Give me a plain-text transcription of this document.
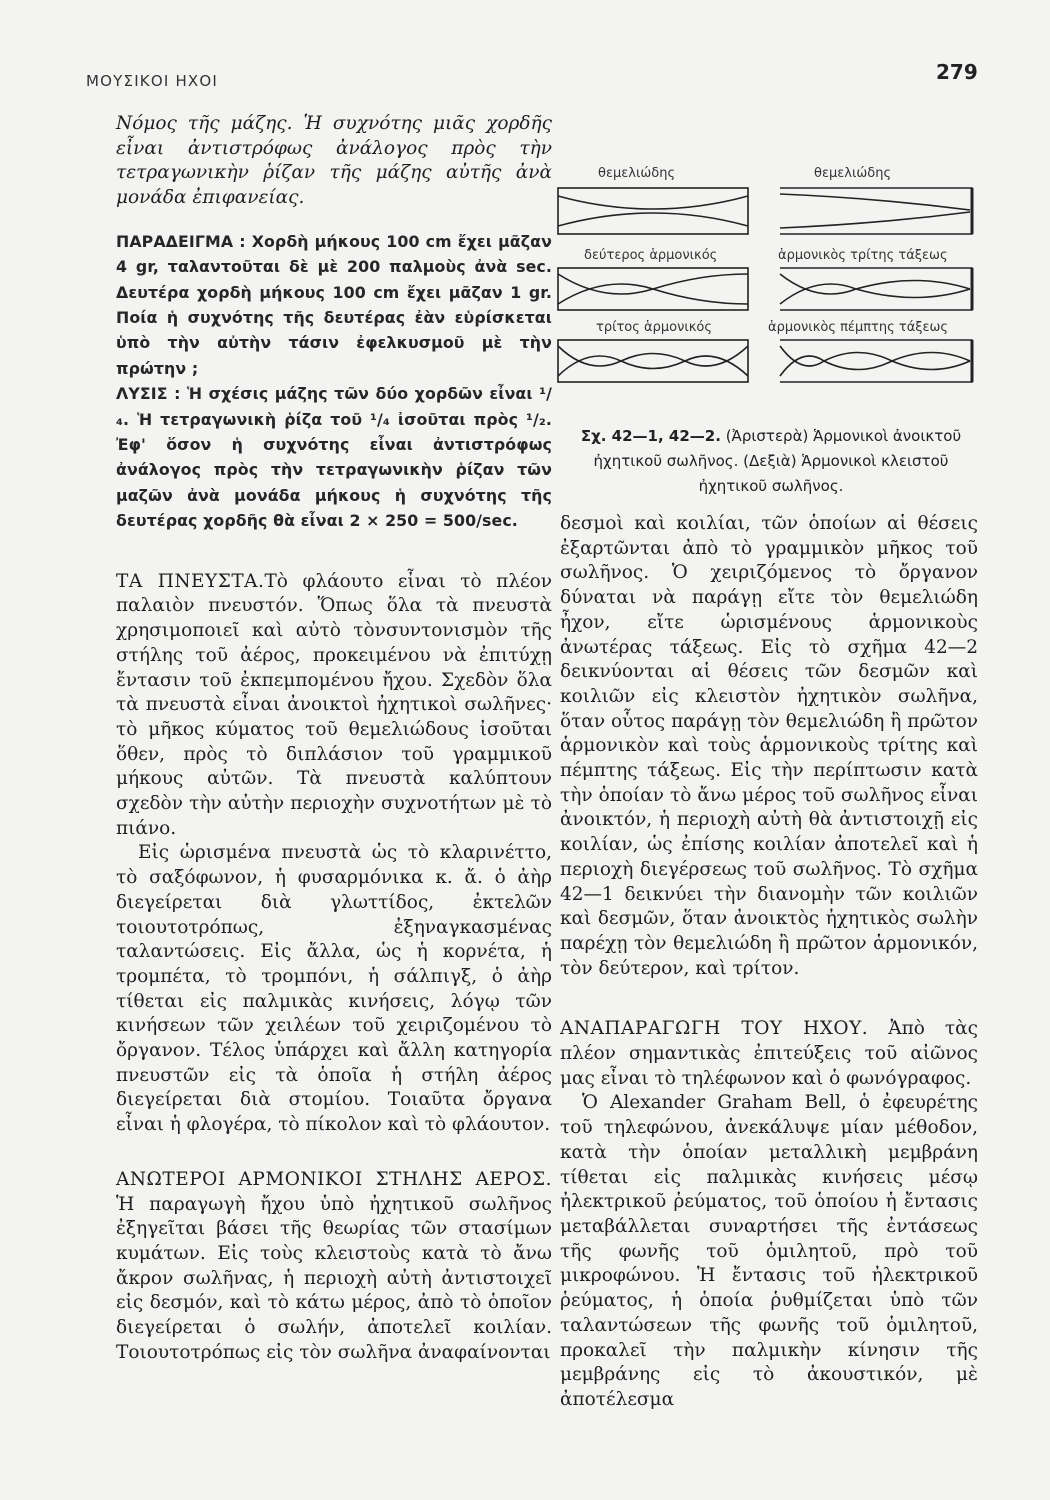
ΜΟΥΣΙΚΟΙ ΗΧΟΙ	279

Νόμος τῆς μάζης. Ἡ συχνότης μιᾶς χορδῆς εἶναι ἀντιστρόφως ἀνάλογος πρὸς τὴν τετραγωνικὴν ῥίζαν τῆς μάζης αὐτῆς ἀνὰ μονάδα ἐπιφανείας.

ΠΑΡΑΔΕΙΓΜΑ : Χορδὴ μήκους 100 cm ἔχει μᾶζαν 4 gr, ταλαντοῦται δὲ μὲ 200 παλμοὺς ἀνὰ sec. Δευτέρα χορδὴ μήκους 100 cm ἔχει μᾶζαν 1 gr. Ποία ἡ συχνότης τῆς δευτέρας ἐὰν εὑρίσκεται ὑπὸ τὴν αὐτὴν τάσιν ἐφελκυσμοῦ μὲ τὴν πρώτην ;

ΛΥΣΙΣ : Ἡ σχέσις μάζης τῶν δύο χορδῶν εἶναι ¹/₄. Ἡ τετραγωνικὴ ῥίζα τοῦ ¹/₄ ἰσοῦται πρὸς ¹/₂. Ἐφ' ὅσον ἡ συχνότης εἶναι ἀντιστρόφως ἀνάλογος πρὸς τὴν τετραγωνικὴν ῥίζαν τῶν μαζῶν ἀνὰ μονάδα μήκους ἡ συχνότης τῆς δευτέρας χορδῆς θὰ εἶναι 2 × 250 = 500/sec.

ΤΑ ΠΝΕΥΣΤΑ.Τὸ φλάουτο εἶναι τὸ πλέον παλαιὸν πνευστόν. Ὅπως ὅλα τὰ πνευστὰ χρησιμοποιεῖ καὶ αὐτὸ τὸνσυντονισμὸν τῆς στήλης τοῦ ἀέρος, προκειμένου νὰ ἐπιτύχῃ ἔντασιν τοῦ ἐκπεμπομένου ἤχου. Σχεδὸν ὅλα τὰ πνευστὰ εἶναι ἀνοικτοὶ ἠχητικοὶ σωλῆνες· τὸ μῆκος κύματος τοῦ θεμελιώδους ἰσοῦται ὅθεν, πρὸς τὸ διπλάσιον τοῦ γραμμικοῦ μήκους αὐτῶν. Τὰ πνευστὰ καλύπτουν σχεδὸν τὴν αὐτὴν περιοχὴν συχνοτήτων μὲ τὸ πιάνο.

Εἰς ὡρισμένα πνευστὰ ὡς τὸ κλαρινέττο, τὸ σαξόφωνον, ἡ φυσαρμόνικα κ. ἄ. ὁ ἀὴρ διεγείρεται διὰ γλωττίδος, ἐκτελῶν τοιουτοτρόπως, ἐξηναγκασμένας ταλαντώσεις. Εἰς ἄλλα, ὡς ἡ κορνέτα, ἡ τρομπέτα, τὸ τρομπόνι, ἡ σάλπιγξ, ὁ ἀὴρ τίθεται εἰς παλμικὰς κινήσεις, λόγῳ τῶν κινήσεων τῶν χειλέων τοῦ χειριζομένου τὸ ὄργανον. Τέλος ὑπάρχει καὶ ἄλλη κατηγορία πνευστῶν εἰς τὰ ὁποῖα ἡ στήλη ἀέρος διεγείρεται διὰ στομίου. Τοιαῦτα ὄργανα εἶναι ἡ φλογέρα, τὸ πίκολον καὶ τὸ φλάουτον.

ΑΝΩΤΕΡΟΙ ΑΡΜΟΝΙΚΟΙ ΣΤΗΛΗΣ ΑΕΡΟΣ. Ἡ παραγωγὴ ἤχου ὑπὸ ἠχητικοῦ σωλῆνος ἐξηγεῖται βάσει τῆς θεωρίας τῶν στασίμων κυμάτων. Εἰς τοὺς κλειστοὺς κατὰ τὸ ἄνω ἄκρον σωλῆνας, ἡ περιοχὴ αὐτὴ ἀντιστοιχεῖ εἰς δεσμόν, καὶ τὸ κάτω μέρος, ἀπὸ τὸ ὁποῖον διεγείρεται ὁ σωλήν, ἀποτελεῖ κοιλίαν. Τοιουτοτρόπως εἰς τὸν σωλῆνα ἀναφαίνονται

θεμελιώδης	θεμελιώδης
δεύτερος ἁρμονικός	ἁρμονικὸς τρίτης τάξεως
τρίτος ἁρμονικός	ἁρμονικὸς πέμπτης τάξεως
Σχ. 42—1, 42—2. (Ἀριστερὰ) Ἁρμονικοὶ ἀνοικτοῦ ἠχητικοῦ σωλῆνος. (Δεξιὰ) Ἁρμονικοὶ κλειστοῦ ἠχητικοῦ σωλῆνος.

δεσμοὶ καὶ κοιλίαι, τῶν ὁποίων αἱ θέσεις ἐξαρτῶνται ἀπὸ τὸ γραμμικὸν μῆκος τοῦ σωλῆνος. Ὁ χειριζόμενος τὸ ὄργανον δύναται νὰ παράγῃ εἴτε τὸν θεμελιώδη ἦχον, εἴτε ὡρισμένους ἁρμονικοὺς ἀνωτέρας τάξεως. Εἰς τὸ σχῆμα 42—2 δεικνύονται αἱ θέσεις τῶν δεσμῶν καὶ κοιλιῶν εἰς κλειστὸν ἠχητικὸν σωλῆνα, ὅταν οὗτος παράγῃ τὸν θεμελιώδη ἢ πρῶτον ἁρμονικὸν καὶ τοὺς ἁρμονικοὺς τρίτης καὶ πέμπτης τάξεως. Εἰς τὴν περίπτωσιν κατὰ τὴν ὁποίαν τὸ ἄνω μέρος τοῦ σωλῆνος εἶναι ἀνοικτόν, ἡ περιοχὴ αὐτὴ θὰ ἀντιστοιχῇ εἰς κοιλίαν, ὡς ἐπίσης κοιλίαν ἀποτελεῖ καὶ ἡ περιοχὴ διεγέρσεως τοῦ σωλῆνος. Τὸ σχῆμα 42—1 δεικνύει τὴν διανομὴν τῶν κοιλιῶν καὶ δεσμῶν, ὅταν ἀνοικτὸς ἠχητικὸς σωλὴν παρέχῃ τὸν θεμελιώδη ἢ πρῶτον ἁρμονικόν, τὸν δεύτερον, καὶ τρίτον.

ΑΝΑΠΑΡΑΓΩΓΗ ΤΟΥ ΗΧΟΥ. Ἀπὸ τὰς πλέον σημαντικὰς ἐπιτεύξεις τοῦ αἰῶνος μας εἶναι τὸ τηλέφωνον καὶ ὁ φωνόγραφος.

Ὁ Alexander Graham Bell, ὁ ἐφευρέτης τοῦ τηλεφώνου, ἀνεκάλυψε μίαν μέθοδον, κατὰ τὴν ὁποίαν μεταλλικὴ μεμβράνη τίθεται εἰς παλμικὰς κινήσεις μέσῳ ἠλεκτρικοῦ ῥεύματος, τοῦ ὁποίου ἡ ἔντασις μεταβάλλεται συναρτήσει τῆς ἐντάσεως τῆς φωνῆς τοῦ ὁμιλητοῦ, πρὸ τοῦ μικροφώνου. Ἡ ἔντασις τοῦ ἠλεκτρικοῦ ῥεύματος, ἡ ὁποία ῥυθμίζεται ὑπὸ τῶν ταλαντώσεων τῆς φωνῆς τοῦ ὁμιλητοῦ, προκαλεῖ τὴν παλμικὴν κίνησιν τῆς μεμβράνης εἰς τὸ ἀκουστικόν, μὲ ἀποτέλεσμα
